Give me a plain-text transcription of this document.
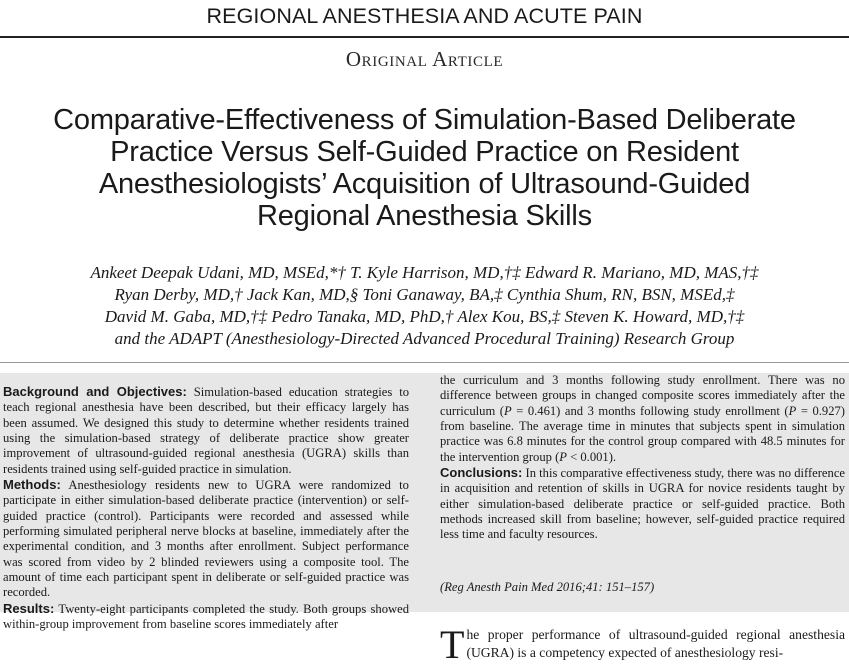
REGIONAL ANESTHESIA AND ACUTE PAIN
Original Article
Comparative-Effectiveness of Simulation-Based Deliberate
Practice Versus Self-Guided Practice on Resident
Anesthesiologists’ Acquisition of Ultrasound-Guided
Regional Anesthesia Skills
Ankeet Deepak Udani, MD, MSEd,*† T. Kyle Harrison, MD,†‡ Edward R. Mariano, MD, MAS,†‡
Ryan Derby, MD,† Jack Kan, MD,§ Toni Ganaway, BA,‡ Cynthia Shum, RN, BSN, MSEd,‡
David M. Gaba, MD,†‡ Pedro Tanaka, MD, PhD,† Alex Kou, BS,‡ Steven K. Howard, MD,†‡
and the ADAPT (Anesthesiology-Directed Advanced Procedural Training) Research Group

Background and Objectives: Simulation-based education strategies to teach regional anesthesia have been described, but their efficacy largely has been assumed. We designed this study to determine whether residents trained using the simulation-based strategy of deliberate practice show greater improvement of ultrasound-guided regional anesthesia (UGRA) skills than residents trained using self-guided practice in simulation.

Methods: Anesthesiology residents new to UGRA were randomized to participate in either simulation-based deliberate practice (intervention) or self-guided practice (control). Participants were recorded and assessed while performing simulated peripheral nerve blocks at baseline, immediately after the experimental condition, and 3 months after enrollment. Subject performance was scored from video by 2 blinded reviewers using a composite tool. The amount of time each participant spent in deliberate or self-guided practice was recorded.

Results: Twenty-eight participants completed the study. Both groups showed within-group improvement from baseline scores immediately after

the curriculum and 3 months following study enrollment. There was no difference between groups in changed composite scores immediately after the curriculum (P = 0.461) and 3 months following study enrollment (P = 0.927) from baseline. The average time in minutes that subjects spent in simulation practice was 6.8 minutes for the control group compared with 48.5 minutes for the intervention group (P < 0.001).

Conclusions: In this comparative effectiveness study, there was no difference in acquisition and retention of skills in UGRA for novice residents taught by either simulation-based deliberate practice or self-guided practice. Both methods increased skill from baseline; however, self-guided practice required less time and faculty resources.

(Reg Anesth Pain Med 2016;41: 151–157)
T he proper performance of ultrasound-guided regional anesthesia (UGRA) is a competency expected of anesthesiology resi-
